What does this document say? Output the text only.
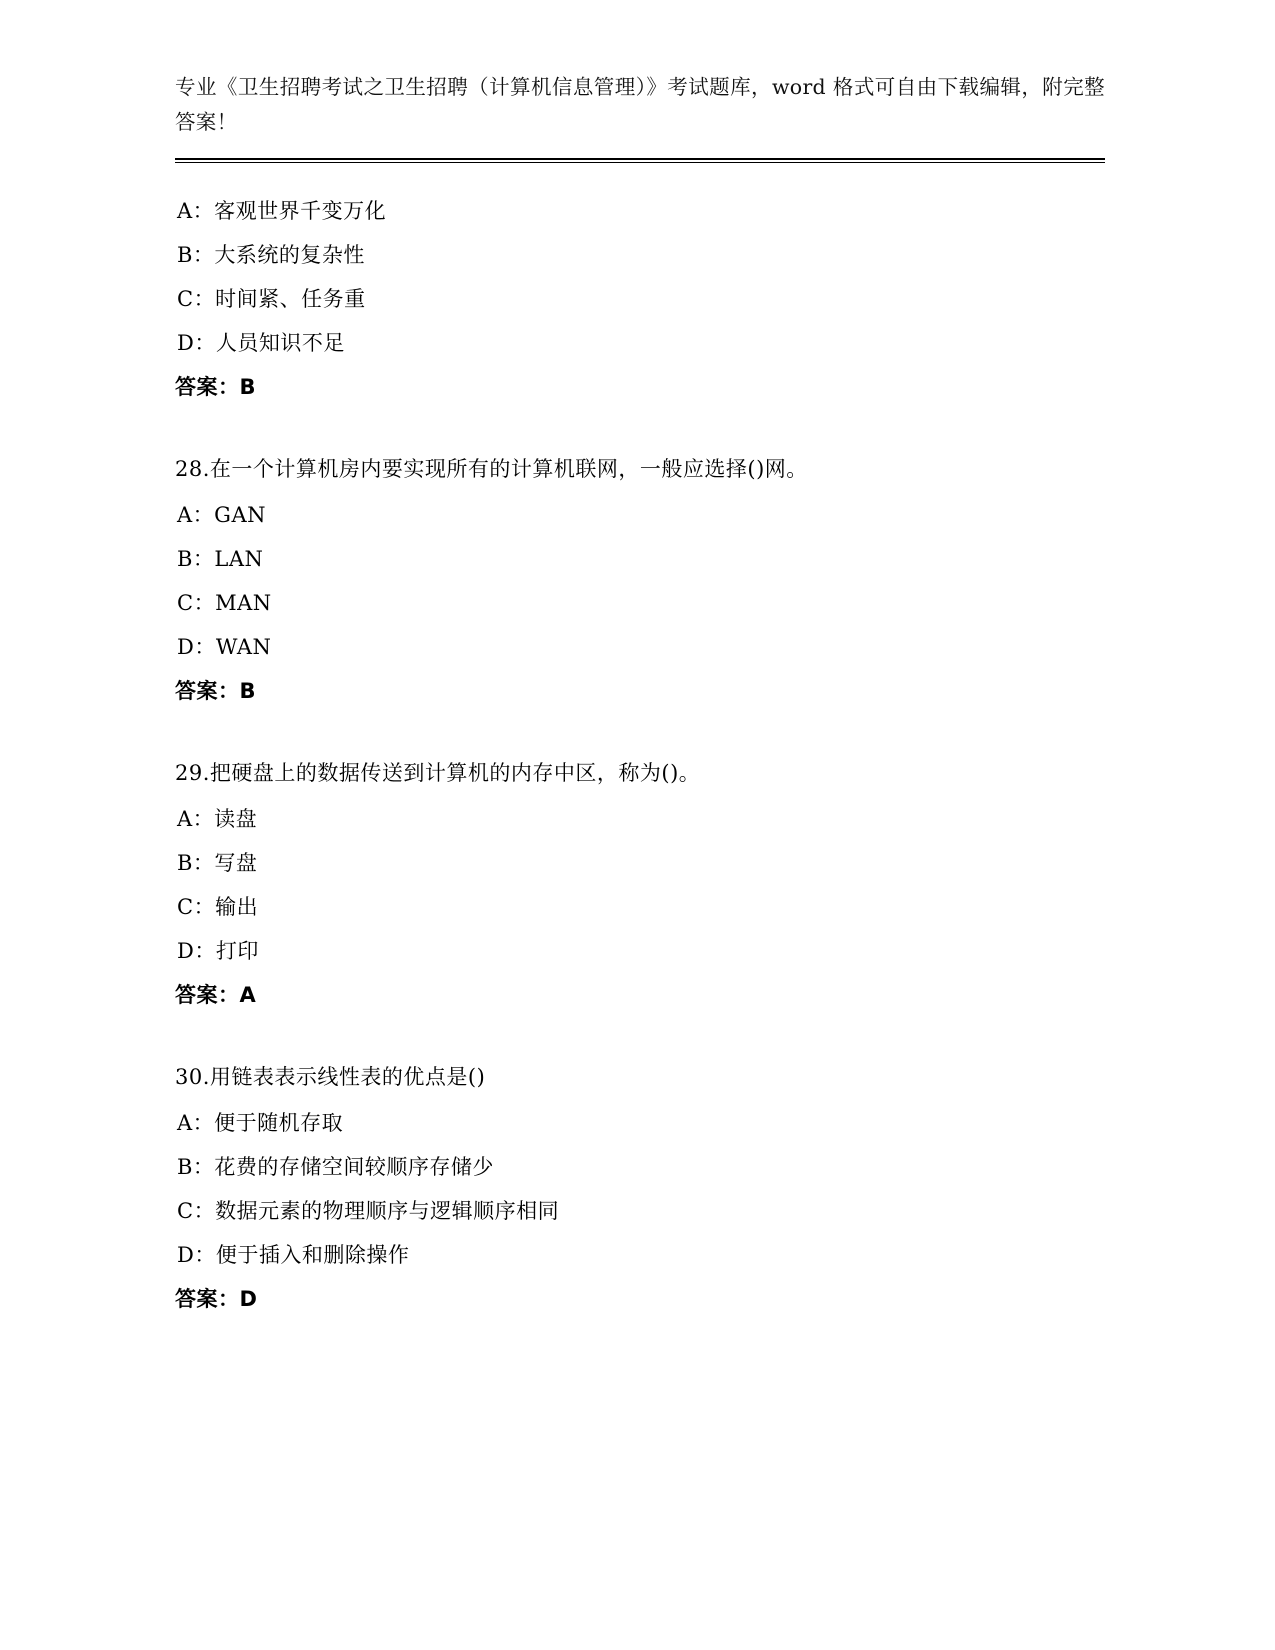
专业《卫生招聘考试之卫生招聘（计算机信息管理）》考试题库，word 格式可自由下载编辑，附完整答案！

A：客观世界千变万化

B：大系统的复杂性

C：时间紧、任务重

D：人员知识不足

答案：B

28.在一个计算机房内要实现所有的计算机联网，一般应选择()网。

A：GAN

B：LAN

C：MAN

D：WAN

答案：B

29.把硬盘上的数据传送到计算机的内存中区，称为()。

A：读盘

B：写盘

C：输出

D：打印

答案：A

30.用链表表示线性表的优点是()

A：便于随机存取

B：花费的存储空间较顺序存储少

C：数据元素的物理顺序与逻辑顺序相同

D：便于插入和删除操作

答案：D
